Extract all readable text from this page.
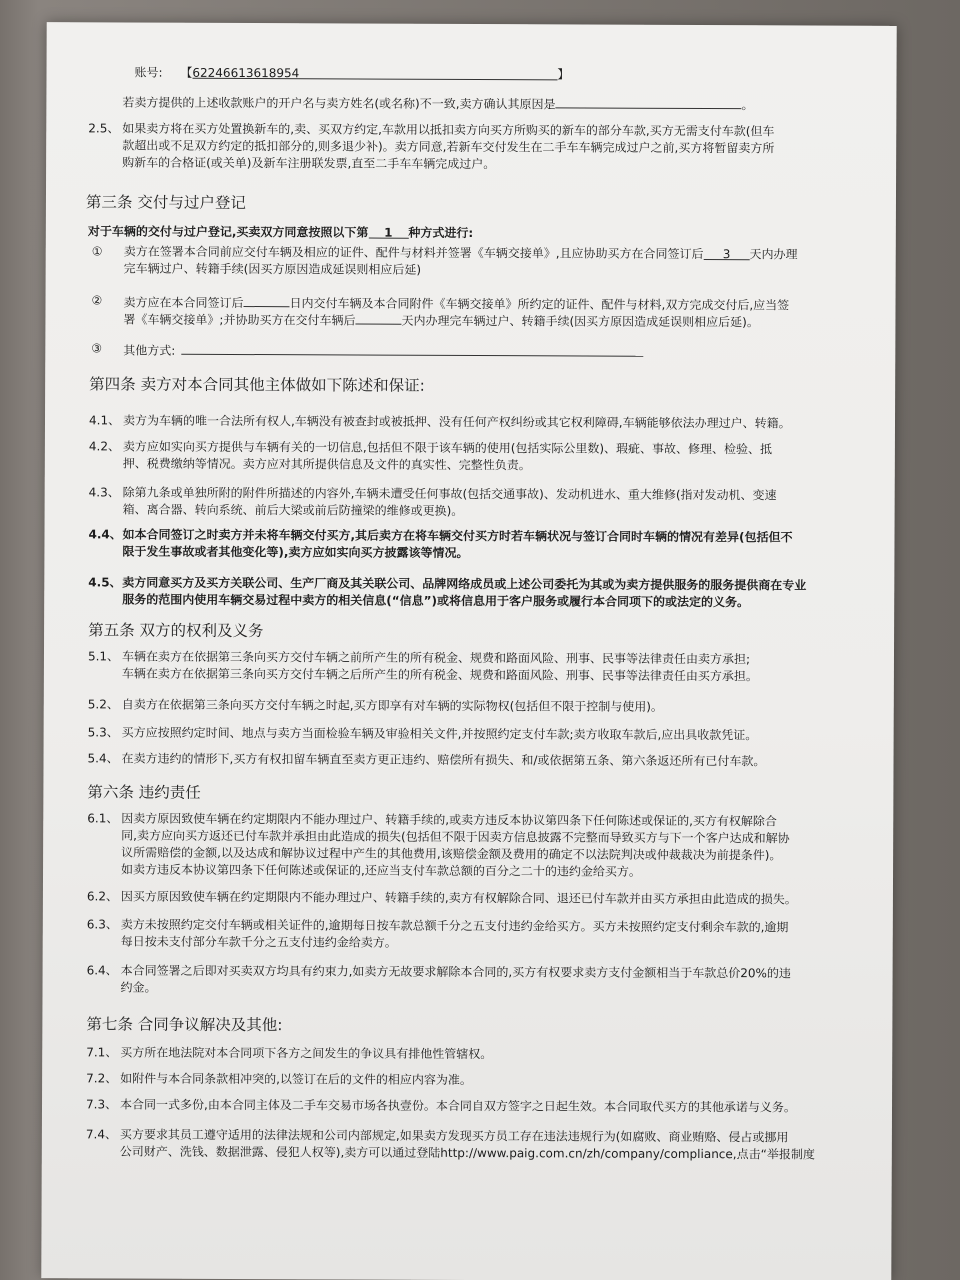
账号: 【62246613618954	】
若卖方提供的上述收款账户的开户名与卖方姓名(或名称)不一致,卖方确认其原因是	。
2.5、 如果卖方将在买方处置换新车的,卖、买双方约定,车款用以抵扣卖方向买方所购买的新车的部分车款,买方无需支付车款(但车
款超出或不足双方约定的抵扣部分的,则多退少补)。卖方同意,若新车交付发生在二手车车辆完成过户之前,买方将暂留卖方所
购新车的合格证(或关单)及新车注册联发票,直至二手车车辆完成过户。
第三条 交付与过户登记
对于车辆的交付与过户登记,买卖双方同意按照以下第 1 种方式进行:
① 卖方在签署本合同前应交付车辆及相应的证件、配件与材料并签署《车辆交接单》,且应协助买方在合同签订后 3 天内办理
完车辆过户、转籍手续(因买方原因造成延误则相应后延)
② 卖方应在本合同签订后	日内交付车辆及本合同附件《车辆交接单》所约定的证件、配件与材料,双方完成交付后,应当签
署《车辆交接单》;并协助买方在交付车辆后	天内办理完车辆过户、转籍手续(因买方原因造成延误则相应后延)。
③ 其他方式:
第四条 卖方对本合同其他主体做如下陈述和保证:
4.1、 卖方为车辆的唯一合法所有权人,车辆没有被查封或被抵押、没有任何产权纠纷或其它权利障碍,车辆能够依法办理过户、转籍。
4.2、 卖方应如实向买方提供与车辆有关的一切信息,包括但不限于该车辆的使用(包括实际公里数)、瑕疵、事故、修理、检验、抵
押、税费缴纳等情况。卖方应对其所提供信息及文件的真实性、完整性负责。
4.3、 除第九条或单独所附的附件所描述的内容外,车辆未遭受任何事故(包括交通事故)、发动机进水、重大维修(指对发动机、变速
箱、离合器、转向系统、前后大梁或前后防撞梁的维修或更换)。
4.4、 如本合同签订之时卖方并未将车辆交付买方,其后卖方在将车辆交付买方时若车辆状况与签订合同时车辆的情况有差异(包括但不
限于发生事故或者其他变化等),卖方应如实向买方披露该等情况。
4.5、 卖方同意买方及买方关联公司、生产厂商及其关联公司、品牌网络成员或上述公司委托为其或为卖方提供服务的服务提供商在专业
服务的范围内使用车辆交易过程中卖方的相关信息(“信息”)或将信息用于客户服务或履行本合同项下的或法定的义务。
第五条 双方的权利及义务
5.1、 车辆在卖方在依据第三条向买方交付车辆之前所产生的所有税金、规费和路面风险、刑事、民事等法律责任由卖方承担;
车辆在卖方在依据第三条向买方交付车辆之后所产生的所有税金、规费和路面风险、刑事、民事等法律责任由买方承担。
5.2、 自卖方在依据第三条向买方交付车辆之时起,买方即享有对车辆的实际物权(包括但不限于控制与使用)。
5.3、 买方应按照约定时间、地点与卖方当面检验车辆及审验相关文件,并按照约定支付车款;卖方收取车款后,应出具收款凭证。
5.4、 在卖方违约的情形下,买方有权扣留车辆直至卖方更正违约、赔偿所有损失、和/或依据第五条、第六条返还所有已付车款。
第六条 违约责任
6.1、 因卖方原因致使车辆在约定期限内不能办理过户、转籍手续的,或卖方违反本协议第四条下任何陈述或保证的,买方有权解除合
同,卖方应向买方返还已付车款并承担由此造成的损失(包括但不限于因卖方信息披露不完整而导致买方与下一个客户达成和解协
议所需赔偿的金额,以及达成和解协议过程中产生的其他费用,该赔偿金额及费用的确定不以法院判决或仲裁裁决为前提条件)。
如卖方违反本协议第四条下任何陈述或保证的,还应当支付车款总额的百分之二十的违约金给买方。
6.2、 因买方原因致使车辆在约定期限内不能办理过户、转籍手续的,卖方有权解除合同、退还已付车款并由买方承担由此造成的损失。
6.3、 卖方未按照约定交付车辆或相关证件的,逾期每日按车款总额千分之五支付违约金给买方。买方未按照约定支付剩余车款的,逾期
每日按未支付部分车款千分之五支付违约金给卖方。
6.4、 本合同签署之后即对买卖双方均具有约束力,如卖方无故要求解除本合同的,买方有权要求卖方支付金额相当于车款总价20%的违
约金。
第七条 合同争议解决及其他:
7.1、 买方所在地法院对本合同项下各方之间发生的争议具有排他性管辖权。
7.2、 如附件与本合同条款相冲突的,以签订在后的文件的相应内容为准。
7.3、 本合同一式多份,由本合同主体及二手车交易市场各执壹份。本合同自双方签字之日起生效。本合同取代买方的其他承诺与义务。
7.4、 买方要求其员工遵守适用的法律法规和公司内部规定,如果卖方发现买方员工存在违法违规行为(如腐败、商业贿赂、侵占或挪用
公司财产、洗钱、数据泄露、侵犯人权等),卖方可以通过登陆http://www.paig.com.cn/zh/company/compliance,点击“举报制度
